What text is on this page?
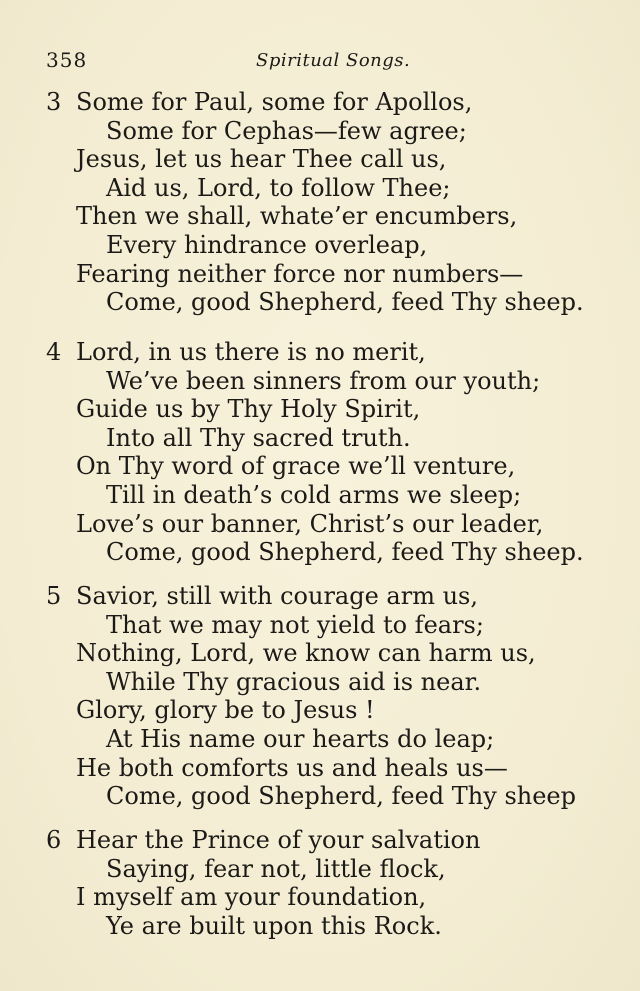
358	Spiritual Songs.
3 Some for Paul, some for Apollos,
Some for Cephas—few agree;
Jesus, let us hear Thee call us,
Aid us, Lord, to follow Thee;
Then we shall, whate’er encumbers,
Every hindrance overleap,
Fearing neither force nor numbers—
Come, good Shepherd, feed Thy sheep.
4 Lord, in us there is no merit,
We’ve been sinners from our youth;
Guide us by Thy Holy Spirit,
Into all Thy sacred truth.
On Thy word of grace we’ll venture,
Till in death’s cold arms we sleep;
Love’s our banner, Christ’s our leader,
Come, good Shepherd, feed Thy sheep.
5 Savior, still with courage arm us,
That we may not yield to fears;
Nothing, Lord, we know can harm us,
While Thy gracious aid is near.
Glory, glory be to Jesus !
At His name our hearts do leap;
He both comforts us and heals us—
Come, good Shepherd, feed Thy sheep
6 Hear the Prince of your salvation
Saying, fear not, little flock,
I myself am your foundation,
Ye are built upon this Rock.
